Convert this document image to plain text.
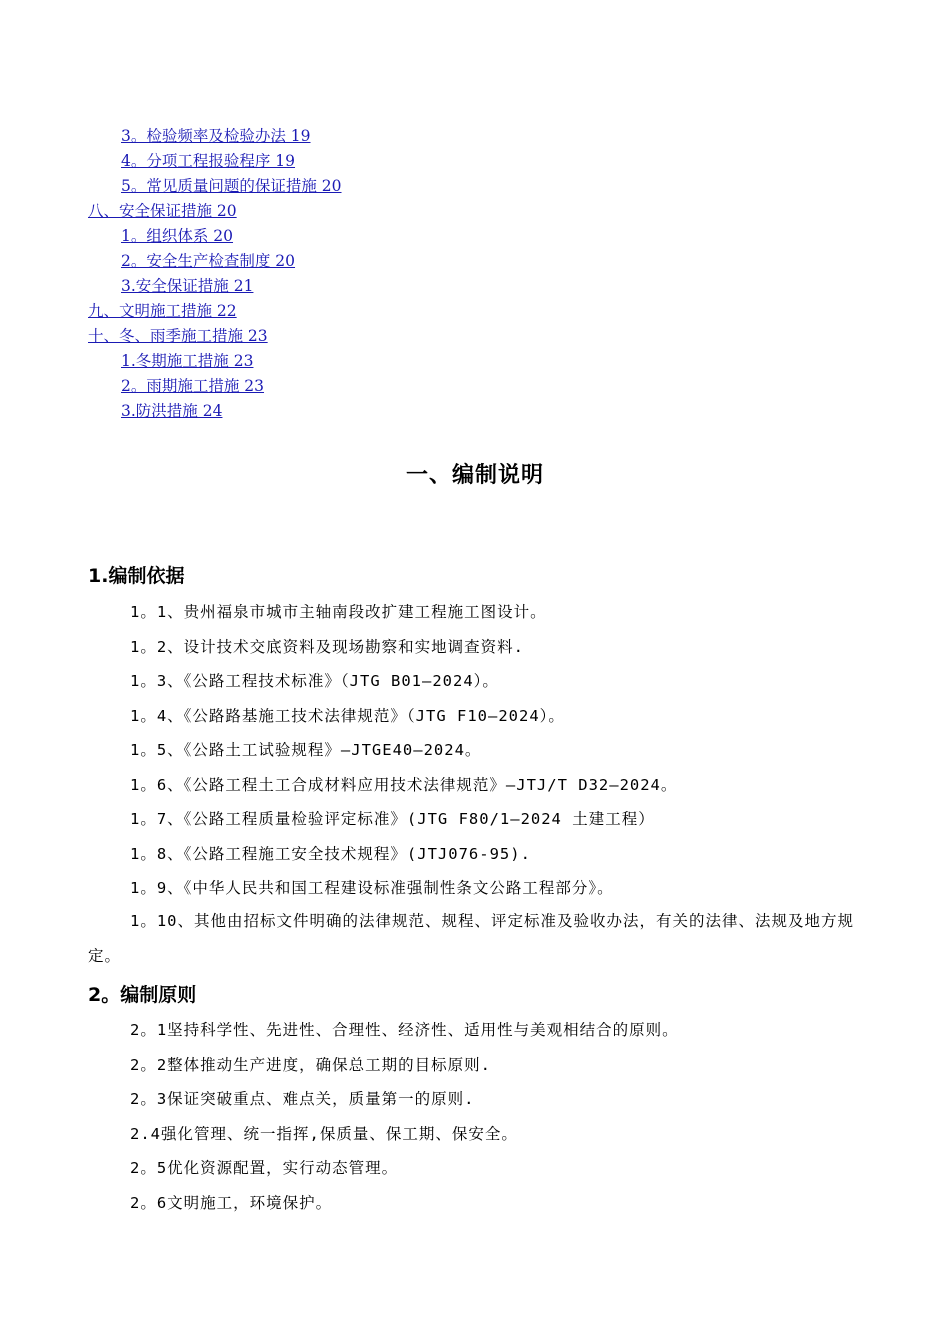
3。检验频率及检验办法 19
4。分项工程报验程序 19
5。常见质量问题的保证措施 20
八、安全保证措施 20
1。组织体系 20
2。安全生产检查制度 20
3.安全保证措施 21
九、文明施工措施 22
十、冬、雨季施工措施 23
1.冬期施工措施 23
2。雨期施工措施 23
3.防洪措施 24
一、编制说明
1.编制依据
1。1、贵州福泉市城市主轴南段改扩建工程施工图设计。
1。2、设计技术交底资料及现场勘察和实地调查资料.
1。3、《公路工程技术标准》（JTG B01—2024）。
1。4、《公路路基施工技术法律规范》（JTG F10—2024）。
1。5、《公路土工试验规程》—JTGE40—2024。
1。6、《公路工程土工合成材料应用技术法律规范》—JTJ/T D32—2024。
1。7、《公路工程质量检验评定标准》(JTG F80/1—2024 土建工程）
1。8、《公路工程施工安全技术规程》(JTJ076-95).
1。9、《中华人民共和国工程建设标准强制性条文公路工程部分》。
1。10、其他由招标文件明确的法律规范、规程、评定标准及验收办法，有关的法律、法规及地方规定。
2。编制原则
2。1坚持科学性、先进性、合理性、经济性、适用性与美观相结合的原则。
2。2整体推动生产进度，确保总工期的目标原则.
2。3保证突破重点、难点关，质量第一的原则.
2.4强化管理、统一指挥,保质量、保工期、保安全。
2。5优化资源配置，实行动态管理。
2。6文明施工，环境保护。
